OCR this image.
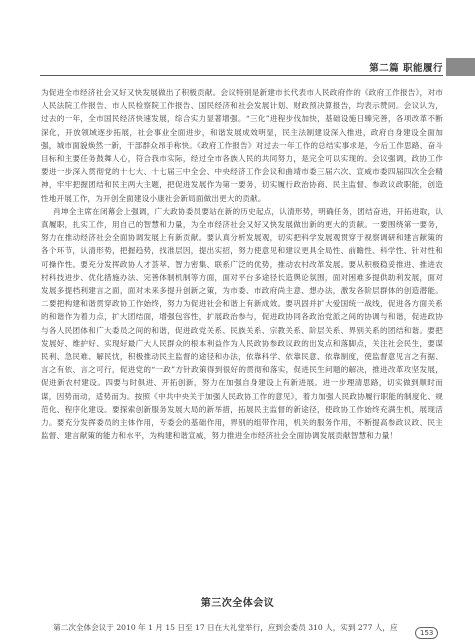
第二篇 职能履行

为促进全市经济社会又好又快发展做出了积极贡献。会议特别是新建市长代表市人民政府作的《政府工作报告》，对市人民法院工作报告、市人民检察院工作报告、国民经济和社会发展计划、财政预决算报告，均表示赞同。会议认为，过去的一年，全市国民经济快速发展，综合实力显著增强。“三化”进程步伐加快，基础设施日臻完善，各项改革不断深化，开放领域逐步拓展，社会事业全面进步，和谐发展成效明显，民主法制建设深入推进，政府自身建设全面加强，城市面貌焕然一新，干部群众昂手称快。《政府工作报告》对过去一年工作的总结实事求是，今后工作思路、奋斗目标和主要任务鼓舞人心，符合我市实际，经过全市各族人民的共同努力，是完全可以实现的。会议强调，政协工作要进一步深入贯彻党的十七大、十七届三中全会、中央经济工作会议和曲靖市委三届六次、宣威市委四届四次全会精神，牢牢把握团结和民主两大主题，把促进发展作为第一要务，切实履行政治协商、民主监督、参政议政职能，创造性地开展工作，为开创全面建设小康社会新局面做出更大的贡献。

肖坤全主席在闭幕会上强调，广大政协委员要站在新的历史起点，认清形势，明确任务，团结奋进，开拓进取，认真履职，扎实工作，用自己的智慧和力量，为全市经济社会又好又快发展做出新的更大的贡献。一要围绕第一要务，努力在推动经济社会全面协调发展上有新贡献。要认真分析发展观，切实把科学发展观贯穿于视察调研和建言献策的各个环节，认清形势，把握趋势，找准层因，提出实招，努力使意见和建议更具全局性、前瞻性、科学性、针对性和可操作性。要充分发挥政协人才荟萃、智力密集、联系广泛的优势，推动农村改革发展。要从积极稳妥推进、推进农村科技进步、优化措施办法、完善体制机制等方面，面对平台多途径长造舆论氛围，面对困难多提供助利发展，面对发展多提档利建言之面，面对未来多提升创新之策，为市委、市政府尚主意、想办法，激发各阶层群体的创造潜能。二要把构建和谐贯穿政协工作始终，努力为促进社会和谐上有新成效。要巩固并扩大爱国统一战线，促进各方面关系的和谐作为着力点，扩大团结面，增强包容性，扩展政治参与，促进政协同各政治党派之间的协调与和谐，促进政协与各人民团体和广大委员之间的和谐，促进政党关系、民族关系、宗教关系、阶层关系、界别关系的团结和谐。要把发展好、维护好、实现好最广大人民群众的根本利益作为人民政协参政议政的出发点和落脚点，关注社会民生，要谋民利、急民难、解民忧，积极推动民主监督的途径和办法，依靠科学、依靠民意、依靠制度，使监督意见言之有据、言之有依、言之可行，促进党的“一政”方针政策得到很好的贯彻和落实，促进民生问题的解决，推进改革攻坚发展，促进新农村建设。四要与时俱进、开拓创新，努力在加强自身建设上有新进展。进一步理清思路，切实做到顺时而谋，因势而动，适势而为。按照《中共中央关于加强人民政协工作的意见》，着力加强人民政协履行职能的制度化、规范化、程序化建设。要探索创新服务发展大局的新举措，拓展民主监督的新途径，使政协工作始终充满生机，展现活力。要充分发挥委员的主体作用，专委会的基础作用，界别的组带作用，机关的服务作用，不断提高参政议政、民主监督、建言献策的能力和水平，为构建和谐宣威，努力推进全市经济社会全面协调发展贡献智慧和力量！

第三次全体会议
第二次全体会议于 2010 年 1 月 15 日至 17 日在大礼堂举行，应到会委员 310 人，实到 277 人，应
153
